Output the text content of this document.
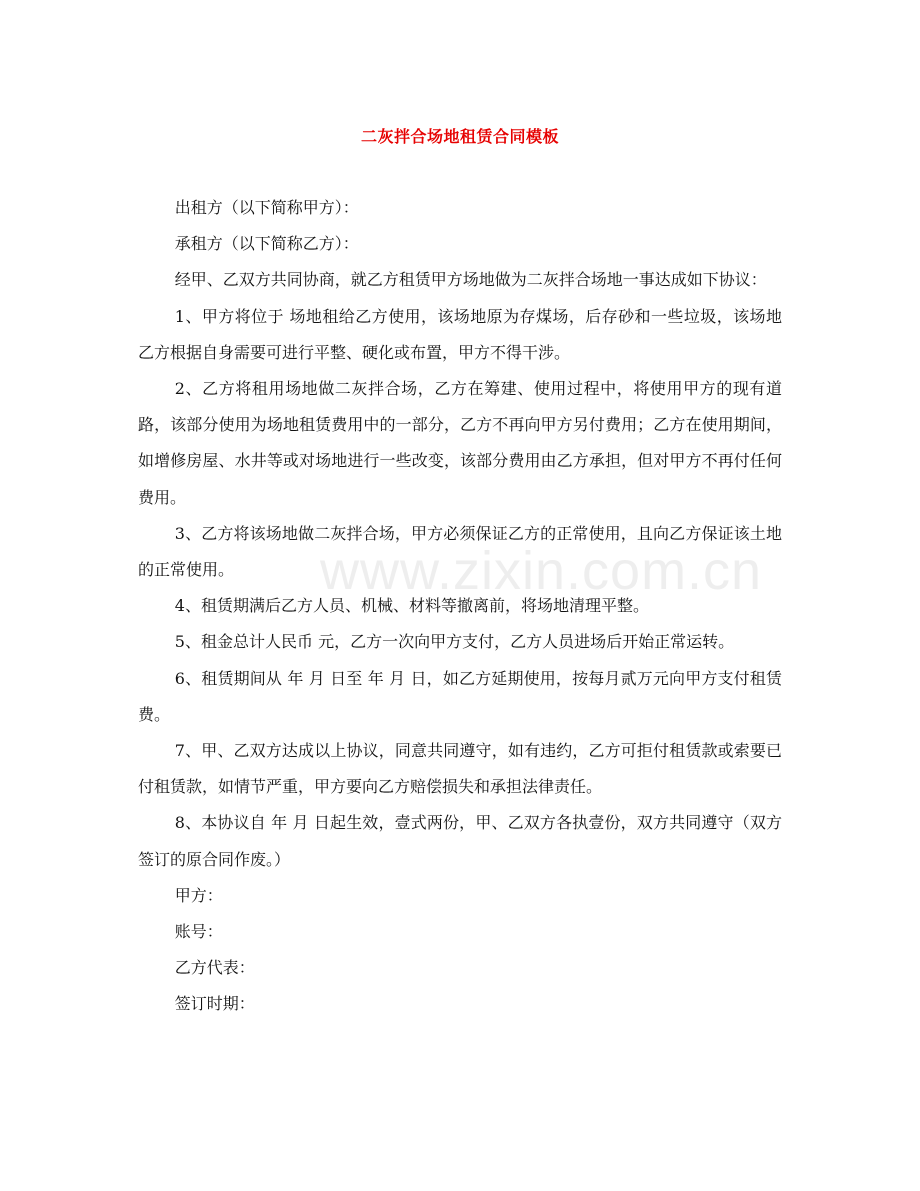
www.zixin.com.cn
二灰拌合场地租赁合同模板

出租方（以下简称甲方）：

承租方（以下简称乙方）：

经甲、乙双方共同协商，就乙方租赁甲方场地做为二灰拌合场地一事达成如下协议：

1、甲方将位于 场地租给乙方使用，该场地原为存煤场，后存砂和一些垃圾，该场地乙方根据自身需要可进行平整、硬化或布置，甲方不得干涉。

2、乙方将租用场地做二灰拌合场，乙方在筹建、使用过程中，将使用甲方的现有道路，该部分使用为场地租赁费用中的一部分，乙方不再向甲方另付费用；乙方在使用期间，如增修房屋、水井等或对场地进行一些改变，该部分费用由乙方承担，但对甲方不再付任何费用。

3、乙方将该场地做二灰拌合场，甲方必须保证乙方的正常使用，且向乙方保证该土地的正常使用。

4、租赁期满后乙方人员、机械、材料等撤离前，将场地清理平整。

5、租金总计人民币 元，乙方一次向甲方支付，乙方人员进场后开始正常运转。

6、租赁期间从 年 月 日至 年 月 日，如乙方延期使用，按每月贰万元向甲方支付租赁费。

7、甲、乙双方达成以上协议，同意共同遵守，如有违约，乙方可拒付租赁款或索要已付租赁款，如情节严重，甲方要向乙方赔偿损失和承担法律责任。

8、本协议自 年 月 日起生效，壹式两份，甲、乙双方各执壹份，双方共同遵守（双方签订的原合同作废。）

甲方：

账号：

乙方代表：

签订时期：
